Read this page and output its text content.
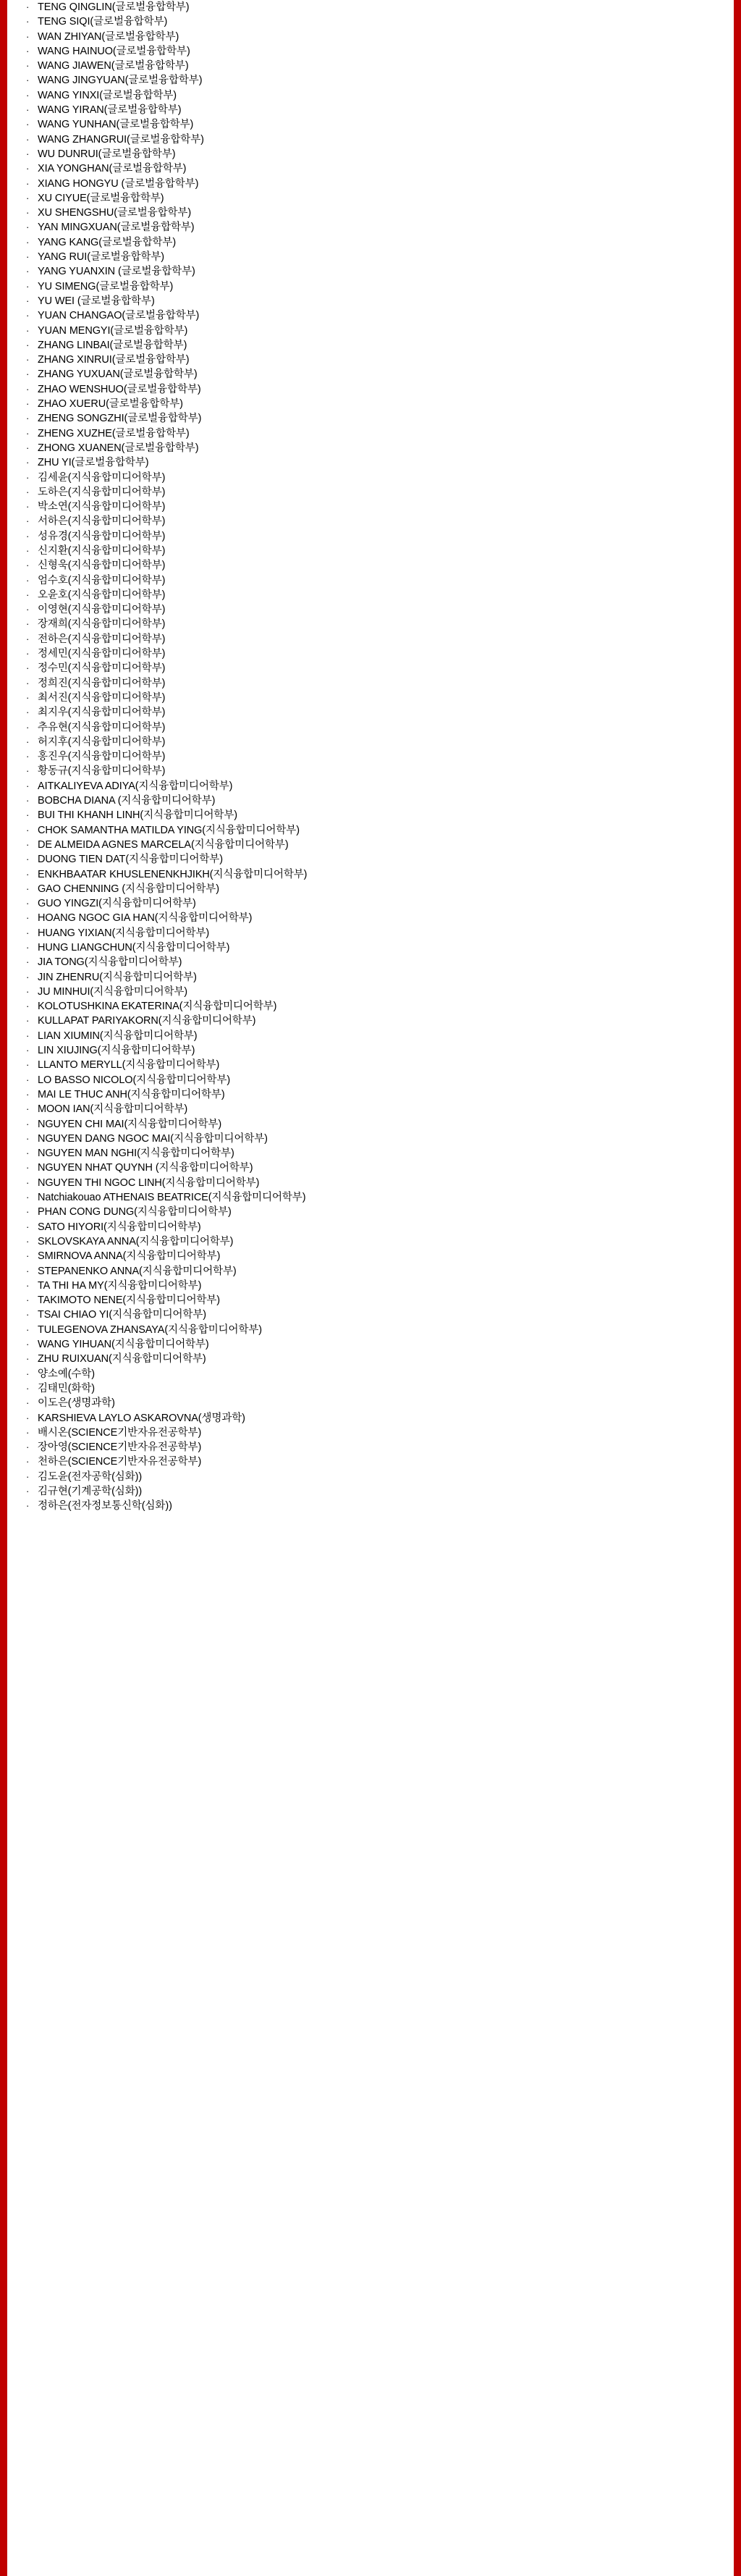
· TENG QINGLIN(글로벌융합학부)
· TENG SIQI(글로벌융합학부)
· WAN ZHIYAN(글로벌융합학부)
· WANG HAINUO(글로벌융합학부)
· WANG JIAWEN(글로벌융합학부)
· WANG JINGYUAN(글로벌융합학부)
· WANG YINXI(글로벌융합학부)
· WANG YIRAN(글로벌융합학부)
· WANG YUNHAN(글로벌융합학부)
· WANG ZHANGRUI(글로벌융합학부)
· WU DUNRUI(글로벌융합학부)
· XIA YONGHAN(글로벌융합학부)
· XIANG HONGYU (글로벌융합학부)
· XU CIYUE(글로벌융합학부)
· XU SHENGSHU(글로벌융합학부)
· YAN MINGXUAN(글로벌융합학부)
· YANG KANG(글로벌융합학부)
· YANG RUI(글로벌융합학부)
· YANG YUANXIN (글로벌융합학부)
· YU SIMENG(글로벌융합학부)
· YU WEI (글로벌융합학부)
· YUAN CHANGAO(글로벌융합학부)
· YUAN MENGYI(글로벌융합학부)
· ZHANG LINBAI(글로벌융합학부)
· ZHANG XINRUI(글로벌융합학부)
· ZHANG YUXUAN(글로벌융합학부)
· ZHAO WENSHUO(글로벌융합학부)
· ZHAO XUERU(글로벌융합학부)
· ZHENG SONGZHI(글로벌융합학부)
· ZHENG XUZHE(글로벌융합학부)
· ZHONG XUANEN(글로벌융합학부)
· ZHU YI(글로벌융합학부)
· 김세윤(지식융합미디어학부)
· 도하은(지식융합미디어학부)
· 박소연(지식융합미디어학부)
· 서하은(지식융합미디어학부)
· 성유경(지식융합미디어학부)
· 신지환(지식융합미디어학부)
· 신형욱(지식융합미디어학부)
· 엄수호(지식융합미디어학부)
· 오윤호(지식융합미디어학부)
· 이영현(지식융합미디어학부)
· 장재희(지식융합미디어학부)
· 전하은(지식융합미디어학부)
· 정세민(지식융합미디어학부)
· 정수민(지식융합미디어학부)
· 정희진(지식융합미디어학부)
· 최서진(지식융합미디어학부)
· 최지우(지식융합미디어학부)
· 추유현(지식융합미디어학부)
· 허지후(지식융합미디어학부)
· 홍진우(지식융합미디어학부)
· 황동규(지식융합미디어학부)
· AITKALIYEVA ADIYA(지식융합미디어학부)
· BOBCHA DIANA (지식융합미디어학부)
· BUI THI KHANH LINH(지식융합미디어학부)
· CHOK SAMANTHA MATILDA YING(지식융합미디어학부)
· DE ALMEIDA AGNES MARCELA(지식융합미디어학부)
· DUONG TIEN DAT(지식융합미디어학부)
· ENKHBAATAR KHUSLENENKHJIKH(지식융합미디어학부)
· GAO CHENNING (지식융합미디어학부)
· GUO YINGZI(지식융합미디어학부)
· HOANG NGOC GIA HAN(지식융합미디어학부)
· HUANG YIXIAN(지식융합미디어학부)
· HUNG LIANGCHUN(지식융합미디어학부)
· JIA TONG(지식융합미디어학부)
· JIN ZHENRU(지식융합미디어학부)
· JU MINHUI(지식융합미디어학부)
· KOLOTUSHKINA EKATERINA(지식융합미디어학부)
· KULLAPAT PARIYAKORN(지식융합미디어학부)
· LIAN XIUMIN(지식융합미디어학부)
· LIN XIUJING(지식융합미디어학부)
· LLANTO MERYLL(지식융합미디어학부)
· LO BASSO NICOLO(지식융합미디어학부)
· MAI LE THUC ANH(지식융합미디어학부)
· MOON IAN(지식융합미디어학부)
· NGUYEN CHI MAI(지식융합미디어학부)
· NGUYEN DANG NGOC MAI(지식융합미디어학부)
· NGUYEN MAN NGHI(지식융합미디어학부)
· NGUYEN NHAT QUYNH (지식융합미디어학부)
· NGUYEN THI NGOC LINH(지식융합미디어학부)
· Natchiakouao ATHENAIS BEATRICE(지식융합미디어학부)
· PHAN CONG DUNG(지식융합미디어학부)
· SATO HIYORI(지식융합미디어학부)
· SKLOVSKAYA ANNA(지식융합미디어학부)
· SMIRNOVA ANNA(지식융합미디어학부)
· STEPANENKO ANNA(지식융합미디어학부)
· TA THI HA MY(지식융합미디어학부)
· TAKIMOTO NENE(지식융합미디어학부)
· TSAI CHIAO YI(지식융합미디어학부)
· TULEGENOVA ZHANSAYA(지식융합미디어학부)
· WANG YIHUAN(지식융합미디어학부)
· ZHU RUIXUAN(지식융합미디어학부)
· 양소예(수학)
· 김태민(화학)
· 이도은(생명과학)
· KARSHIEVA LAYLO ASKAROVNA(생명과학)
· 배시온(SCIENCE기반자유전공학부)
· 장아영(SCIENCE기반자유전공학부)
· 천하은(SCIENCE기반자유전공학부)
· 김도윤(전자공학(심화))
· 김규현(기계공학(심화))
· 정하은(전자정보통신학(심화))
